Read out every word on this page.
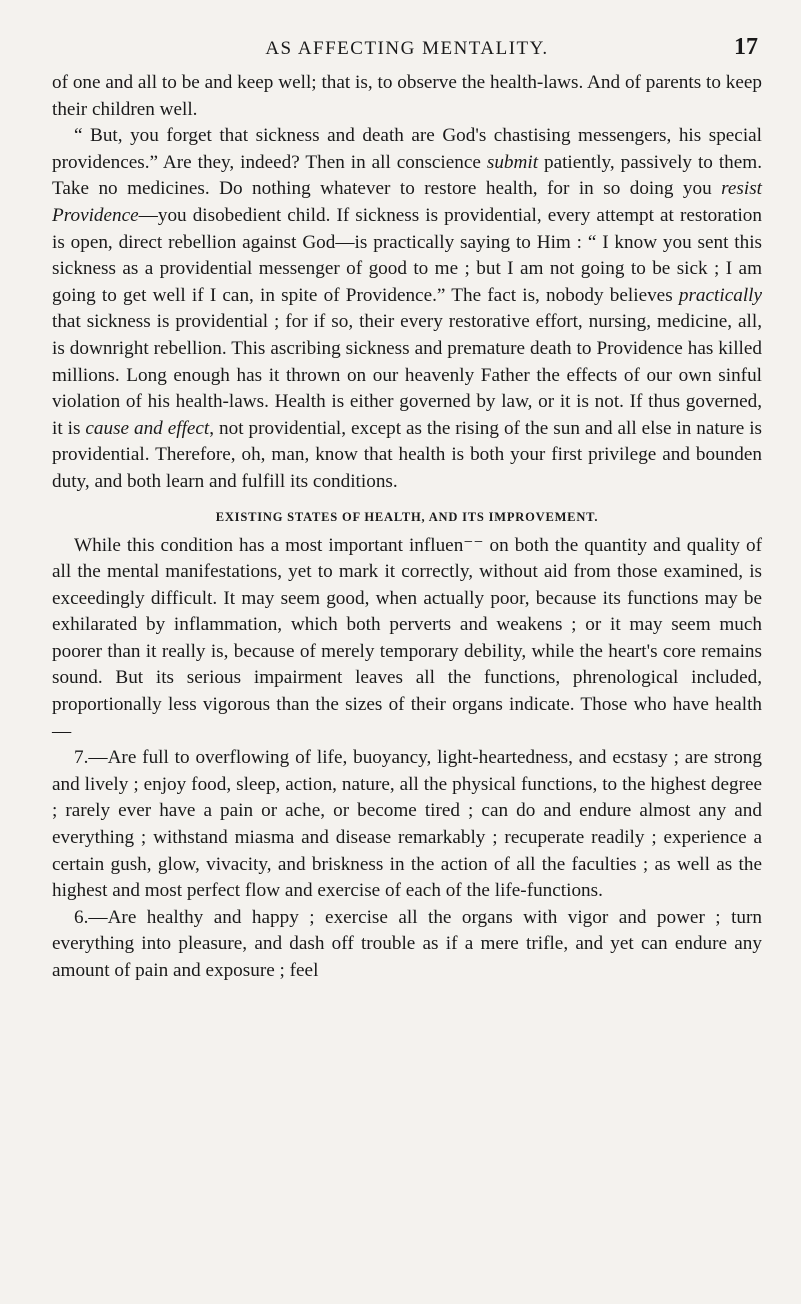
AS AFFECTING MENTALITY.	17

of one and all to be and keep well; that is, to observe the health-laws. And of parents to keep their children well.

“ But, you forget that sickness and death are God's chastising messengers, his special providences.” Are they, indeed? Then in all conscience submit patiently, passively to them. Take no medicines. Do nothing whatever to restore health, for in so doing you resist Providence—you disobedient child. If sickness is providential, every attempt at restoration is open, direct rebellion against God—is practically saying to Him : “ I know you sent this sickness as a providential messenger of good to me ; but I am not going to be sick ; I am going to get well if I can, in spite of Providence.” The fact is, nobody believes practically that sickness is providential ; for if so, their every restorative effort, nursing, medicine, all, is downright rebellion. This ascribing sickness and premature death to Providence has killed millions. Long enough has it thrown on our heavenly Father the effects of our own sinful violation of his health-laws. Health is either governed by law, or it is not. If thus governed, it is cause and effect, not providential, except as the rising of the sun and all else in nature is providential. Therefore, oh, man, know that health is both your first privilege and bounden duty, and both learn and fulfill its conditions.

EXISTING STATES OF HEALTH, AND ITS IMPROVEMENT.

While this condition has a most important influen⁻⁻ on both the quantity and quality of all the mental manifestations, yet to mark it correctly, without aid from those examined, is exceedingly difficult. It may seem good, when actually poor, because its functions may be exhilarated by inflammation, which both perverts and weakens ; or it may seem much poorer than it really is, because of merely temporary debility, while the heart's core remains sound. But its serious impairment leaves all the functions, phrenological included, proportionally less vigorous than the sizes of their organs indicate. Those who have health—

7.—Are full to overflowing of life, buoyancy, light-heartedness, and ecstasy ; are strong and lively ; enjoy food, sleep, action, nature, all the physical functions, to the highest degree ; rarely ever have a pain or ache, or become tired ; can do and endure almost any and everything ; withstand miasma and disease remarkably ; recuperate readily ; experience a certain gush, glow, vivacity, and briskness in the action of all the faculties ; as well as the highest and most perfect flow and exercise of each of the life-functions.

6.—Are healthy and happy ; exercise all the organs with vigor and power ; turn everything into pleasure, and dash off trouble as if a mere trifle, and yet can endure any amount of pain and exposure ; feel
